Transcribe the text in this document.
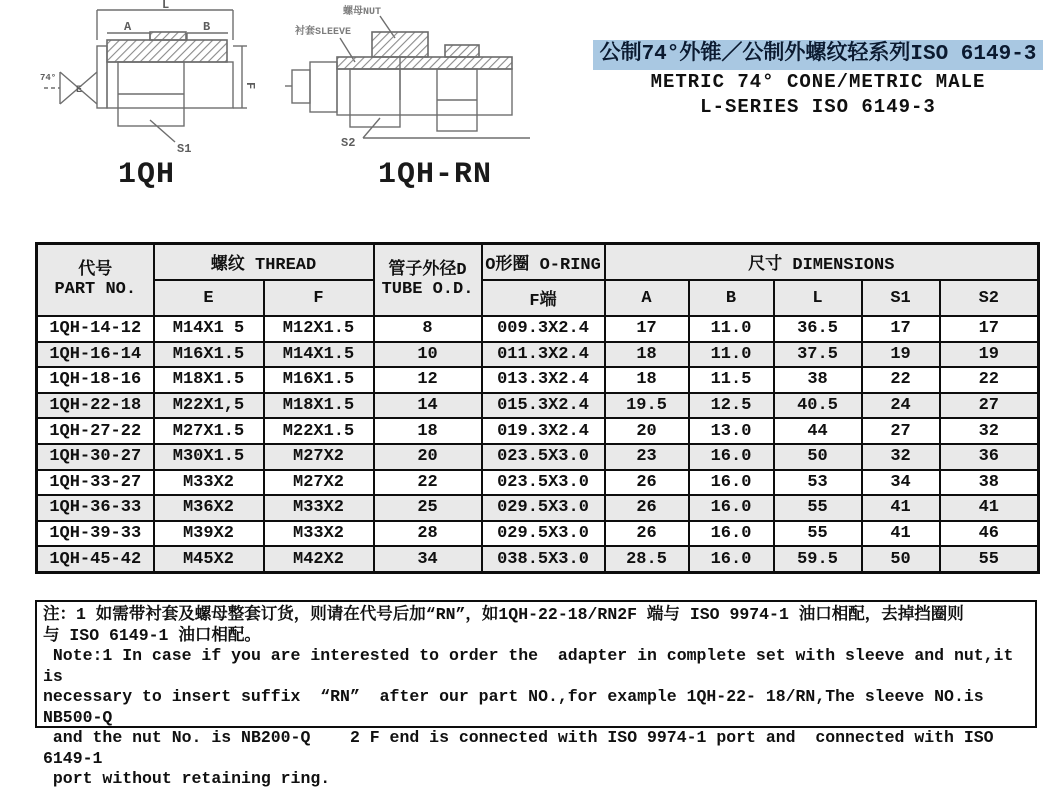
L
A	B
74°
E	F
S1
螺母NUT
衬套SLEEVE
S2
1QH	1QH-RN
公制74°外锥／公制外螺纹轻系列ISO 6149-3
METRIC 74° CONE/METRIC MALE
L-SERIES ISO 6149-3
代号
PART NO.
	螺纹 THREAD	管子外径D
TUBE O.D.
	O形圈 O-RING	尺寸 DIMENSIONS
	E	F		F端	A	B	L	S1	S2
1QH-14-12	M14X1 5	M12X1.5	8	009.3X2.4	17	11.0	36.5	17	17
1QH-16-14	M16X1.5	M14X1.5	10	011.3X2.4	18	11.0	37.5	19	19
1QH-18-16	M18X1.5	M16X1.5	12	013.3X2.4	18	11.5	38	22	22
1QH-22-18	M22X1,5	M18X1.5	14	015.3X2.4	19.5	12.5	40.5	24	27
1QH-27-22	M27X1.5	M22X1.5	18	019.3X2.4	20	13.0	44	27	32
1QH-30-27	M30X1.5	M27X2	20	023.5X3.0	23	16.0	50	32	36
1QH-33-27	M33X2	M27X2	22	023.5X3.0	26	16.0	53	34	38
1QH-36-33	M36X2	M33X2	25	029.5X3.0	26	16.0	55	41	41
1QH-39-33	M39X2	M33X2	28	029.5X3.0	26	16.0	55	41	46
1QH-45-42	M45X2	M42X2	34	038.5X3.0	28.5	16.0	59.5	50	55
注：1 如需带衬套及螺母整套订货，则请在代号后加“RN”，如1QH-22-18/RN2F 端与 ISO 9974-1 油口相配，去掉挡圈则
与 ISO 6149-1 油口相配。
Note:1 In case if you are interested to order the  adapter in complete set with sleeve and nut,it is
necessary to insert suffix  “RN”  after our part NO.,for example 1QH-22- 18/RN,The sleeve NO.is NB500-Q
and the nut No. is NB200-Q    2 F end is connected with ISO 9974-1 port and  connected with ISO 6149-1
port without retaining ring.
